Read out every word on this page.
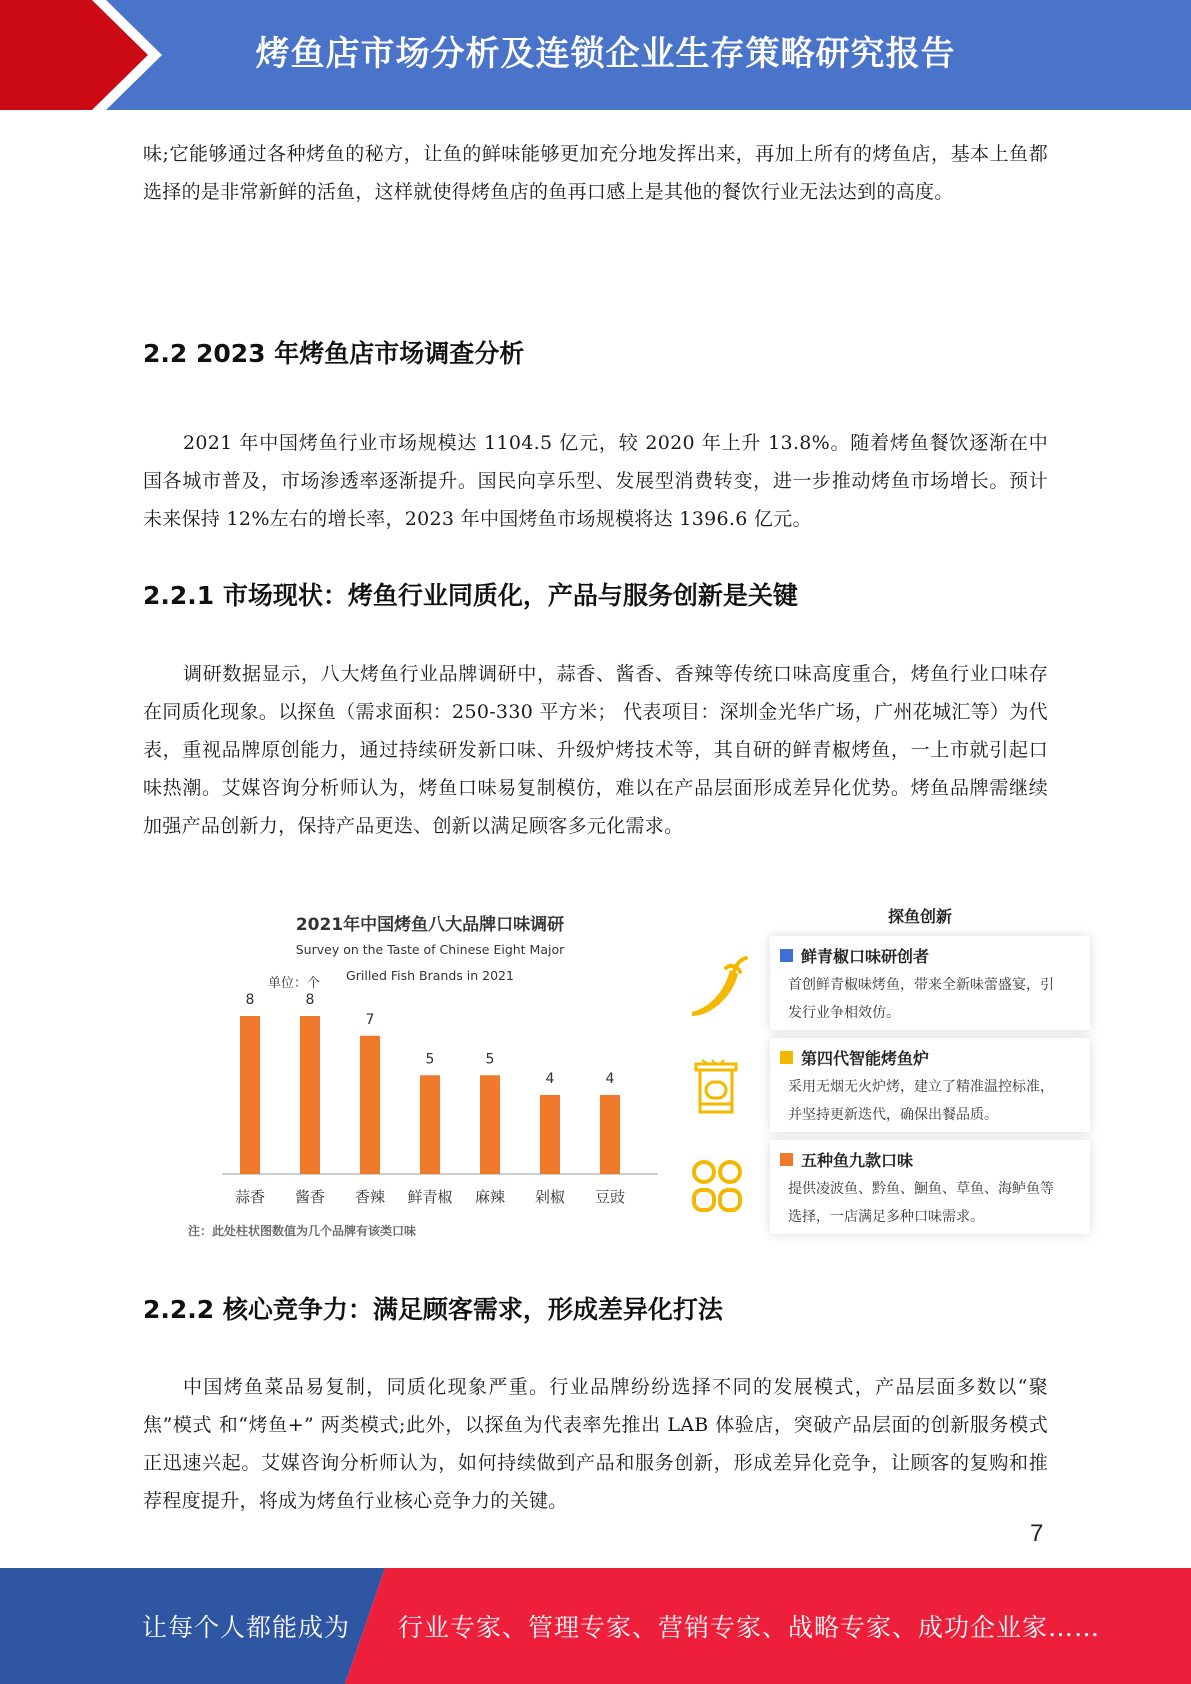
烤鱼店市场分析及连锁企业生存策略研究报告
味;它能够通过各种烤鱼的秘方，让鱼的鲜味能够更加充分地发挥出来，再加上所有的烤鱼店，基本上鱼都选择的是非常新鲜的活鱼，这样就使得烤鱼店的鱼再口感上是其他的餐饮行业无法达到的高度。
2.2 2023 年烤鱼店市场调查分析
2021 年中国烤鱼行业市场规模达 1104.5 亿元，较 2020 年上升 13.8%。随着烤鱼餐饮逐渐在中国各城市普及，市场渗透率逐渐提升。国民向享乐型、发展型消费转变，进一步推动烤鱼市场增长。预计未来保持 12%左右的增长率，2023 年中国烤鱼市场规模将达 1396.6 亿元。
2.2.1 市场现状：烤鱼行业同质化，产品与服务创新是关键
调研数据显示，八大烤鱼行业品牌调研中，蒜香、酱香、香辣等传统口味高度重合，烤鱼行业口味存在同质化现象。以探鱼（需求面积：250-330 平方米； 代表项目：深圳金光华广场，广州花城汇等）为代表，重视品牌原创能力，通过持续研发新口味、升级炉烤技术等，其自研的鲜青椒烤鱼，一上市就引起口味热潮。艾媒咨询分析师认为，烤鱼口味易复制模仿，难以在产品层面形成差异化优势。烤鱼品牌需继续加强产品创新力，保持产品更迭、创新以满足顾客多元化需求。
2021年中国烤鱼八大品牌口味调研
Survey on the Taste of Chinese Eight Major
Grilled Fish Brands in 2021
单位：个
8
蒜香
8
酱香
7
香辣
5
鲜青椒
5
麻辣
4
剁椒
4
豆豉
注：此处柱状图数值为几个品牌有该类口味
探鱼创新
鲜青椒口味研创者
首创鲜青椒味烤鱼，带来全新味蕾盛宴，引
发行业争相效仿。
第四代智能烤鱼炉
采用无烟无火炉烤，建立了精准温控标准，
并坚持更新迭代，确保出餐品质。
五种鱼九款口味
提供凌波鱼、黔鱼、鮰鱼、草鱼、海鲈鱼等
选择，一店满足多种口味需求。
2.2.2 核心竞争力：满足顾客需求，形成差异化打法
中国烤鱼菜品易复制，同质化现象严重。行业品牌纷纷选择不同的发展模式，产品层面多数以“聚焦”模式 和“烤鱼+” 两类模式;此外，以探鱼为代表率先推出 LAB 体验店，突破产品层面的创新服务模式正迅速兴起。艾媒咨询分析师认为，如何持续做到产品和服务创新，形成差异化竞争，让顾客的复购和推荐程度提升，将成为烤鱼行业核心竞争力的关键。
7
让每个人都能成为 行业专家、管理专家、营销专家、战略专家、成功企业家……
